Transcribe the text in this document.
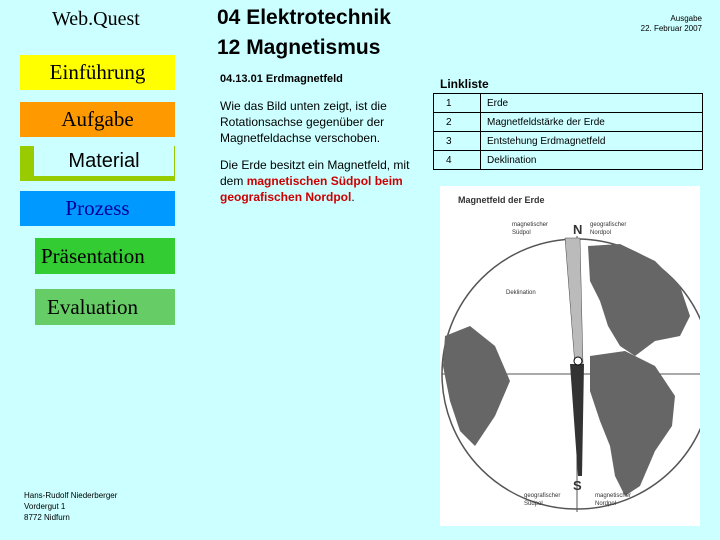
Web.Quest
Einführung
Aufgabe
Material
Prozess
Präsentation
Evaluation
Hans-Rudolf Niederberger
Vordergut 1
8772 Nidfurn
04 Elektrotechnik
12 Magnetismus
Ausgabe
22. Februar 2007
04.13.01 Erdmagnetfeld
Wie das Bild unten zeigt, ist die Rotationsachse gegenüber der Magnetfeldachse verschoben.
Die Erde besitzt ein Magnetfeld, mit dem magnetischen Südpol beim geografischen Nordpol.
Linkliste
1	Erde
2	Magnetfeldstärke der Erde
3	Entstehung Erdmagnetfeld
4	Deklination
Magnetfeld der Erde
magnetischer
Südpol
geografischer
Nordpol
N
Deklination
S
geografischer
Südpol
magnetischer
Nordpol
